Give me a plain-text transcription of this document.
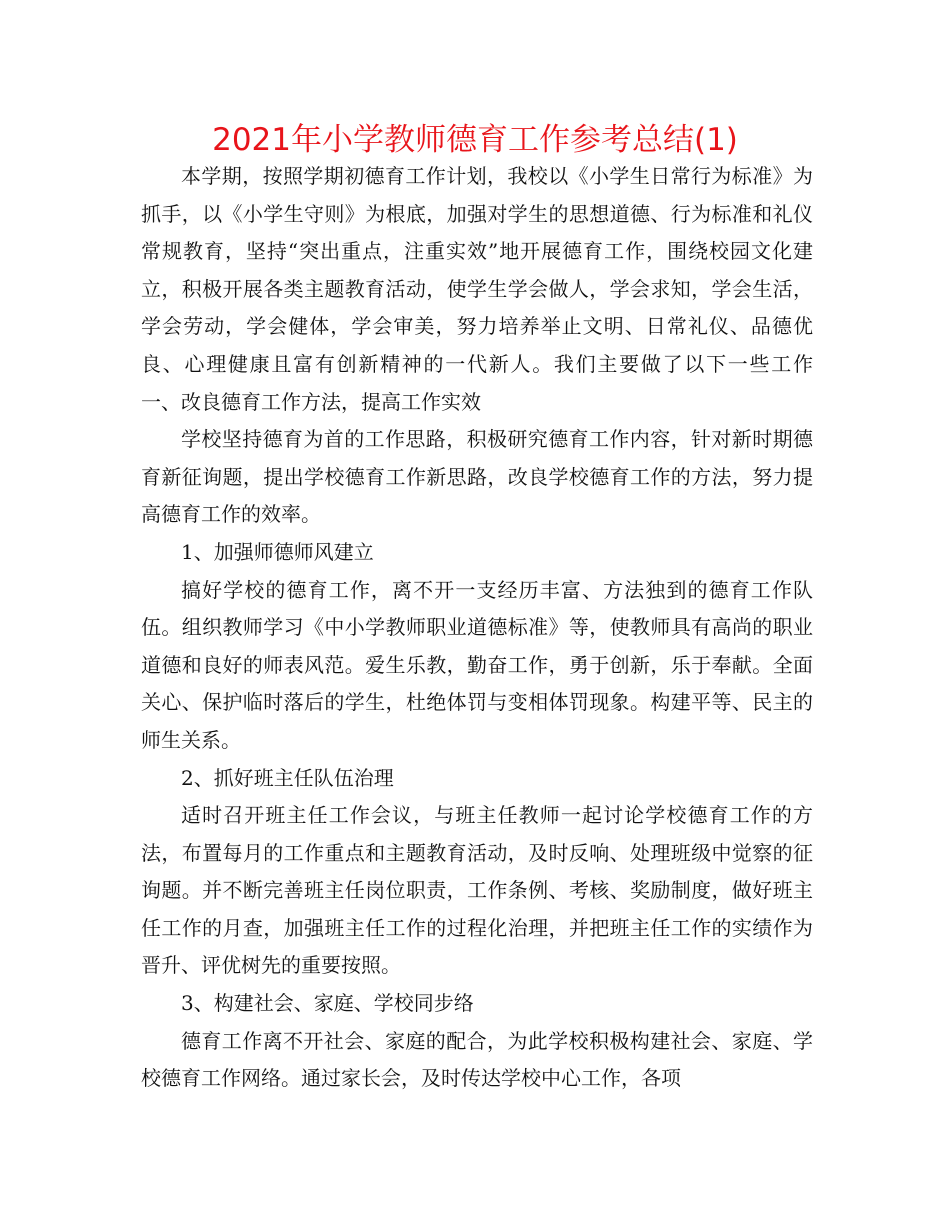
2021年小学教师德育工作参考总结(1)

本学期，按照学期初德育工作计划，我校以《小学生日常行为标准》为抓手，以《小学生守则》为根底，加强对学生的思想道德、行为标准和礼仪常规教育，坚持“突出重点，注重实效”地开展德育工作，围绕校园文化建立，积极开展各类主题教育活动，使学生学会做人，学会求知，学会生活，学会劳动，学会健体，学会审美，努力培养举止文明、日常礼仪、品德优良、心理健康且富有创新精神的一代新人。我们主要做了以下一些工作　　一、改良德育工作方法，提高工作实效

学校坚持德育为首的工作思路，积极研究德育工作内容，针对新时期德育新征询题，提出学校德育工作新思路，改良学校德育工作的方法，努力提高德育工作的效率。

1、加强师德师风建立

搞好学校的德育工作，离不开一支经历丰富、方法独到的德育工作队伍。组织教师学习《中小学教师职业道德标准》等，使教师具有高尚的职业道德和良好的师表风范。爱生乐教，勤奋工作，勇于创新，乐于奉献。全面关心、保护临时落后的学生，杜绝体罚与变相体罚现象。构建平等、民主的师生关系。

2、抓好班主任队伍治理

适时召开班主任工作会议，与班主任教师一起讨论学校德育工作的方法，布置每月的工作重点和主题教育活动，及时反响、处理班级中觉察的征询题。并不断完善班主任岗位职责，工作条例、考核、奖励制度，做好班主任工作的月查，加强班主任工作的过程化治理，并把班主任工作的实绩作为晋升、评优树先的重要按照。

3、构建社会、家庭、学校同步络

德育工作离不开社会、家庭的配合，为此学校积极构建社会、家庭、学校德育工作网络。通过家长会，及时传达学校中心工作，各项
